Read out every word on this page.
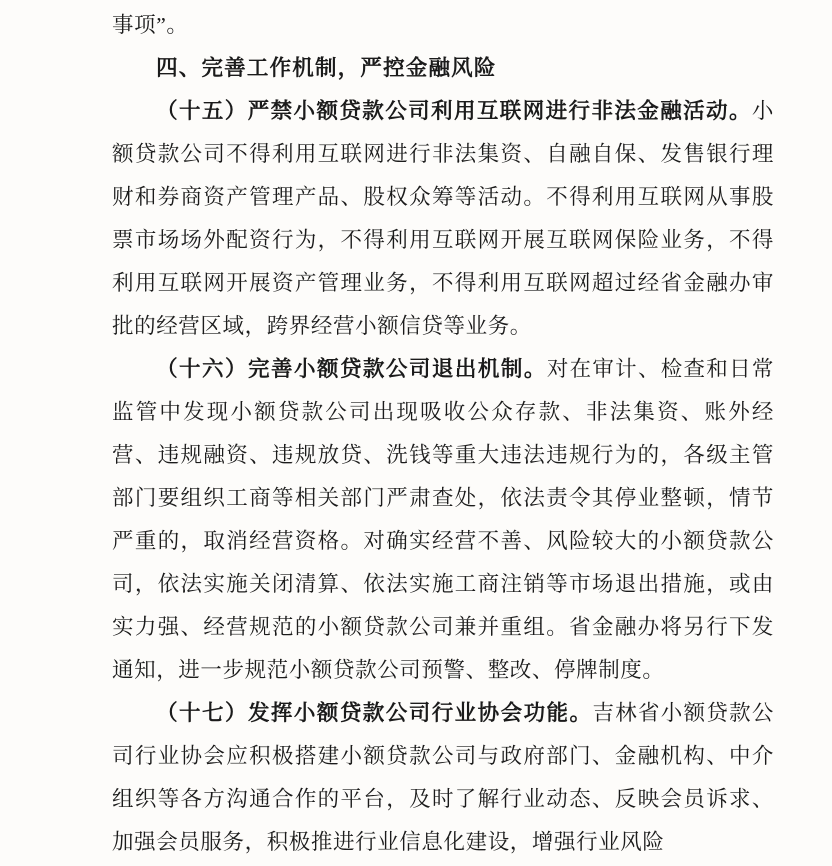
事项”。

四、完善工作机制，严控金融风险

（十五）严禁小额贷款公司利用互联网进行非法金融活动。小额贷款公司不得利用互联网进行非法集资、自融自保、发售银行理财和券商资产管理产品、股权众筹等活动。不得利用互联网从事股票市场场外配资行为，不得利用互联网开展互联网保险业务，不得利用互联网开展资产管理业务，不得利用互联网超过经省金融办审批的经营区域，跨界经营小额信贷等业务。

（十六）完善小额贷款公司退出机制。对在审计、检查和日常监管中发现小额贷款公司出现吸收公众存款、非法集资、账外经营、违规融资、违规放贷、洗钱等重大违法违规行为的，各级主管部门要组织工商等相关部门严肃查处，依法责令其停业整顿，情节严重的，取消经营资格。对确实经营不善、风险较大的小额贷款公司，依法实施关闭清算、依法实施工商注销等市场退出措施，或由实力强、经营规范的小额贷款公司兼并重组。省金融办将另行下发通知，进一步规范小额贷款公司预警、整改、停牌制度。

（十七）发挥小额贷款公司行业协会功能。吉林省小额贷款公司行业协会应积极搭建小额贷款公司与政府部门、金融机构、中介组织等各方沟通合作的平台，及时了解行业动态、反映会员诉求、加强会员服务，积极推进行业信息化建设，增强行业风险
